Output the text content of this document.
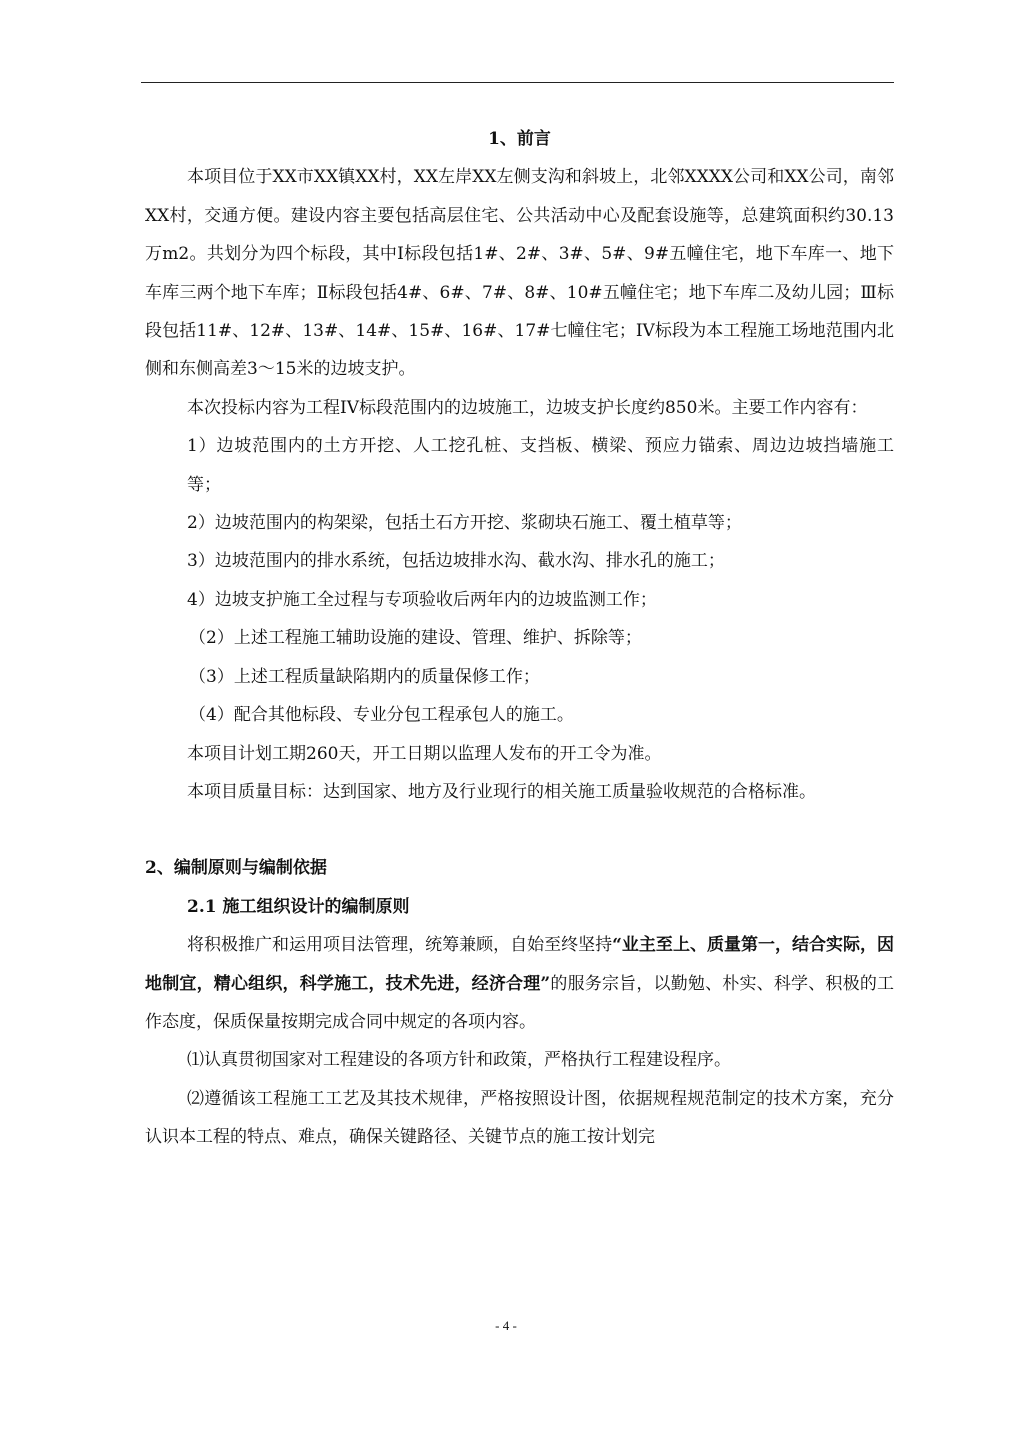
1、前言

本项目位于XX市XX镇XX村，XX左岸XX左侧支沟和斜坡上，北邻XXXX公司和XX公司，南邻XX村，交通方便。建设内容主要包括高层住宅、公共活动中心及配套设施等，总建筑面积约30.13万m2。共划分为四个标段，其中I标段包括1#、2#、3#、5#、9#五幢住宅，地下车库一、地下车库三两个地下车库；Ⅱ标段包括4#、6#、7#、8#、10#五幢住宅；地下车库二及幼儿园；Ⅲ标段包括11#、12#、13#、14#、15#、16#、17#七幢住宅；IV标段为本工程施工场地范围内北侧和东侧高差3～15米的边坡支护。

本次投标内容为工程IV标段范围内的边坡施工，边坡支护长度约850米。主要工作内容有：

1）边坡范围内的土方开挖、人工挖孔桩、支挡板、横梁、预应力锚索、周边边坡挡墙施工等；

2）边坡范围内的构架梁，包括土石方开挖、浆砌块石施工、覆土植草等；

3）边坡范围内的排水系统，包括边坡排水沟、截水沟、排水孔的施工；

4）边坡支护施工全过程与专项验收后两年内的边坡监测工作；

（2）上述工程施工辅助设施的建设、管理、维护、拆除等；

（3）上述工程质量缺陷期内的质量保修工作；

（4）配合其他标段、专业分包工程承包人的施工。

本项目计划工期260天，开工日期以监理人发布的开工令为准。

本项目质量目标：达到国家、地方及行业现行的相关施工质量验收规范的合格标准。

2、编制原则与编制依据

2.1 施工组织设计的编制原则

将积极推广和运用项目法管理，统筹兼顾，自始至终坚持“业主至上、质量第一，结合实际，因地制宜，精心组织，科学施工，技术先进，经济合理”的服务宗旨，以勤勉、朴实、科学、积极的工作态度，保质保量按期完成合同中规定的各项内容。

⑴认真贯彻国家对工程建设的各项方针和政策，严格执行工程建设程序。

⑵遵循该工程施工工艺及其技术规律，严格按照设计图，依据规程规范制定的技术方案，充分认识本工程的特点、难点，确保关键路径、关键节点的施工按计划完

- 4 -
